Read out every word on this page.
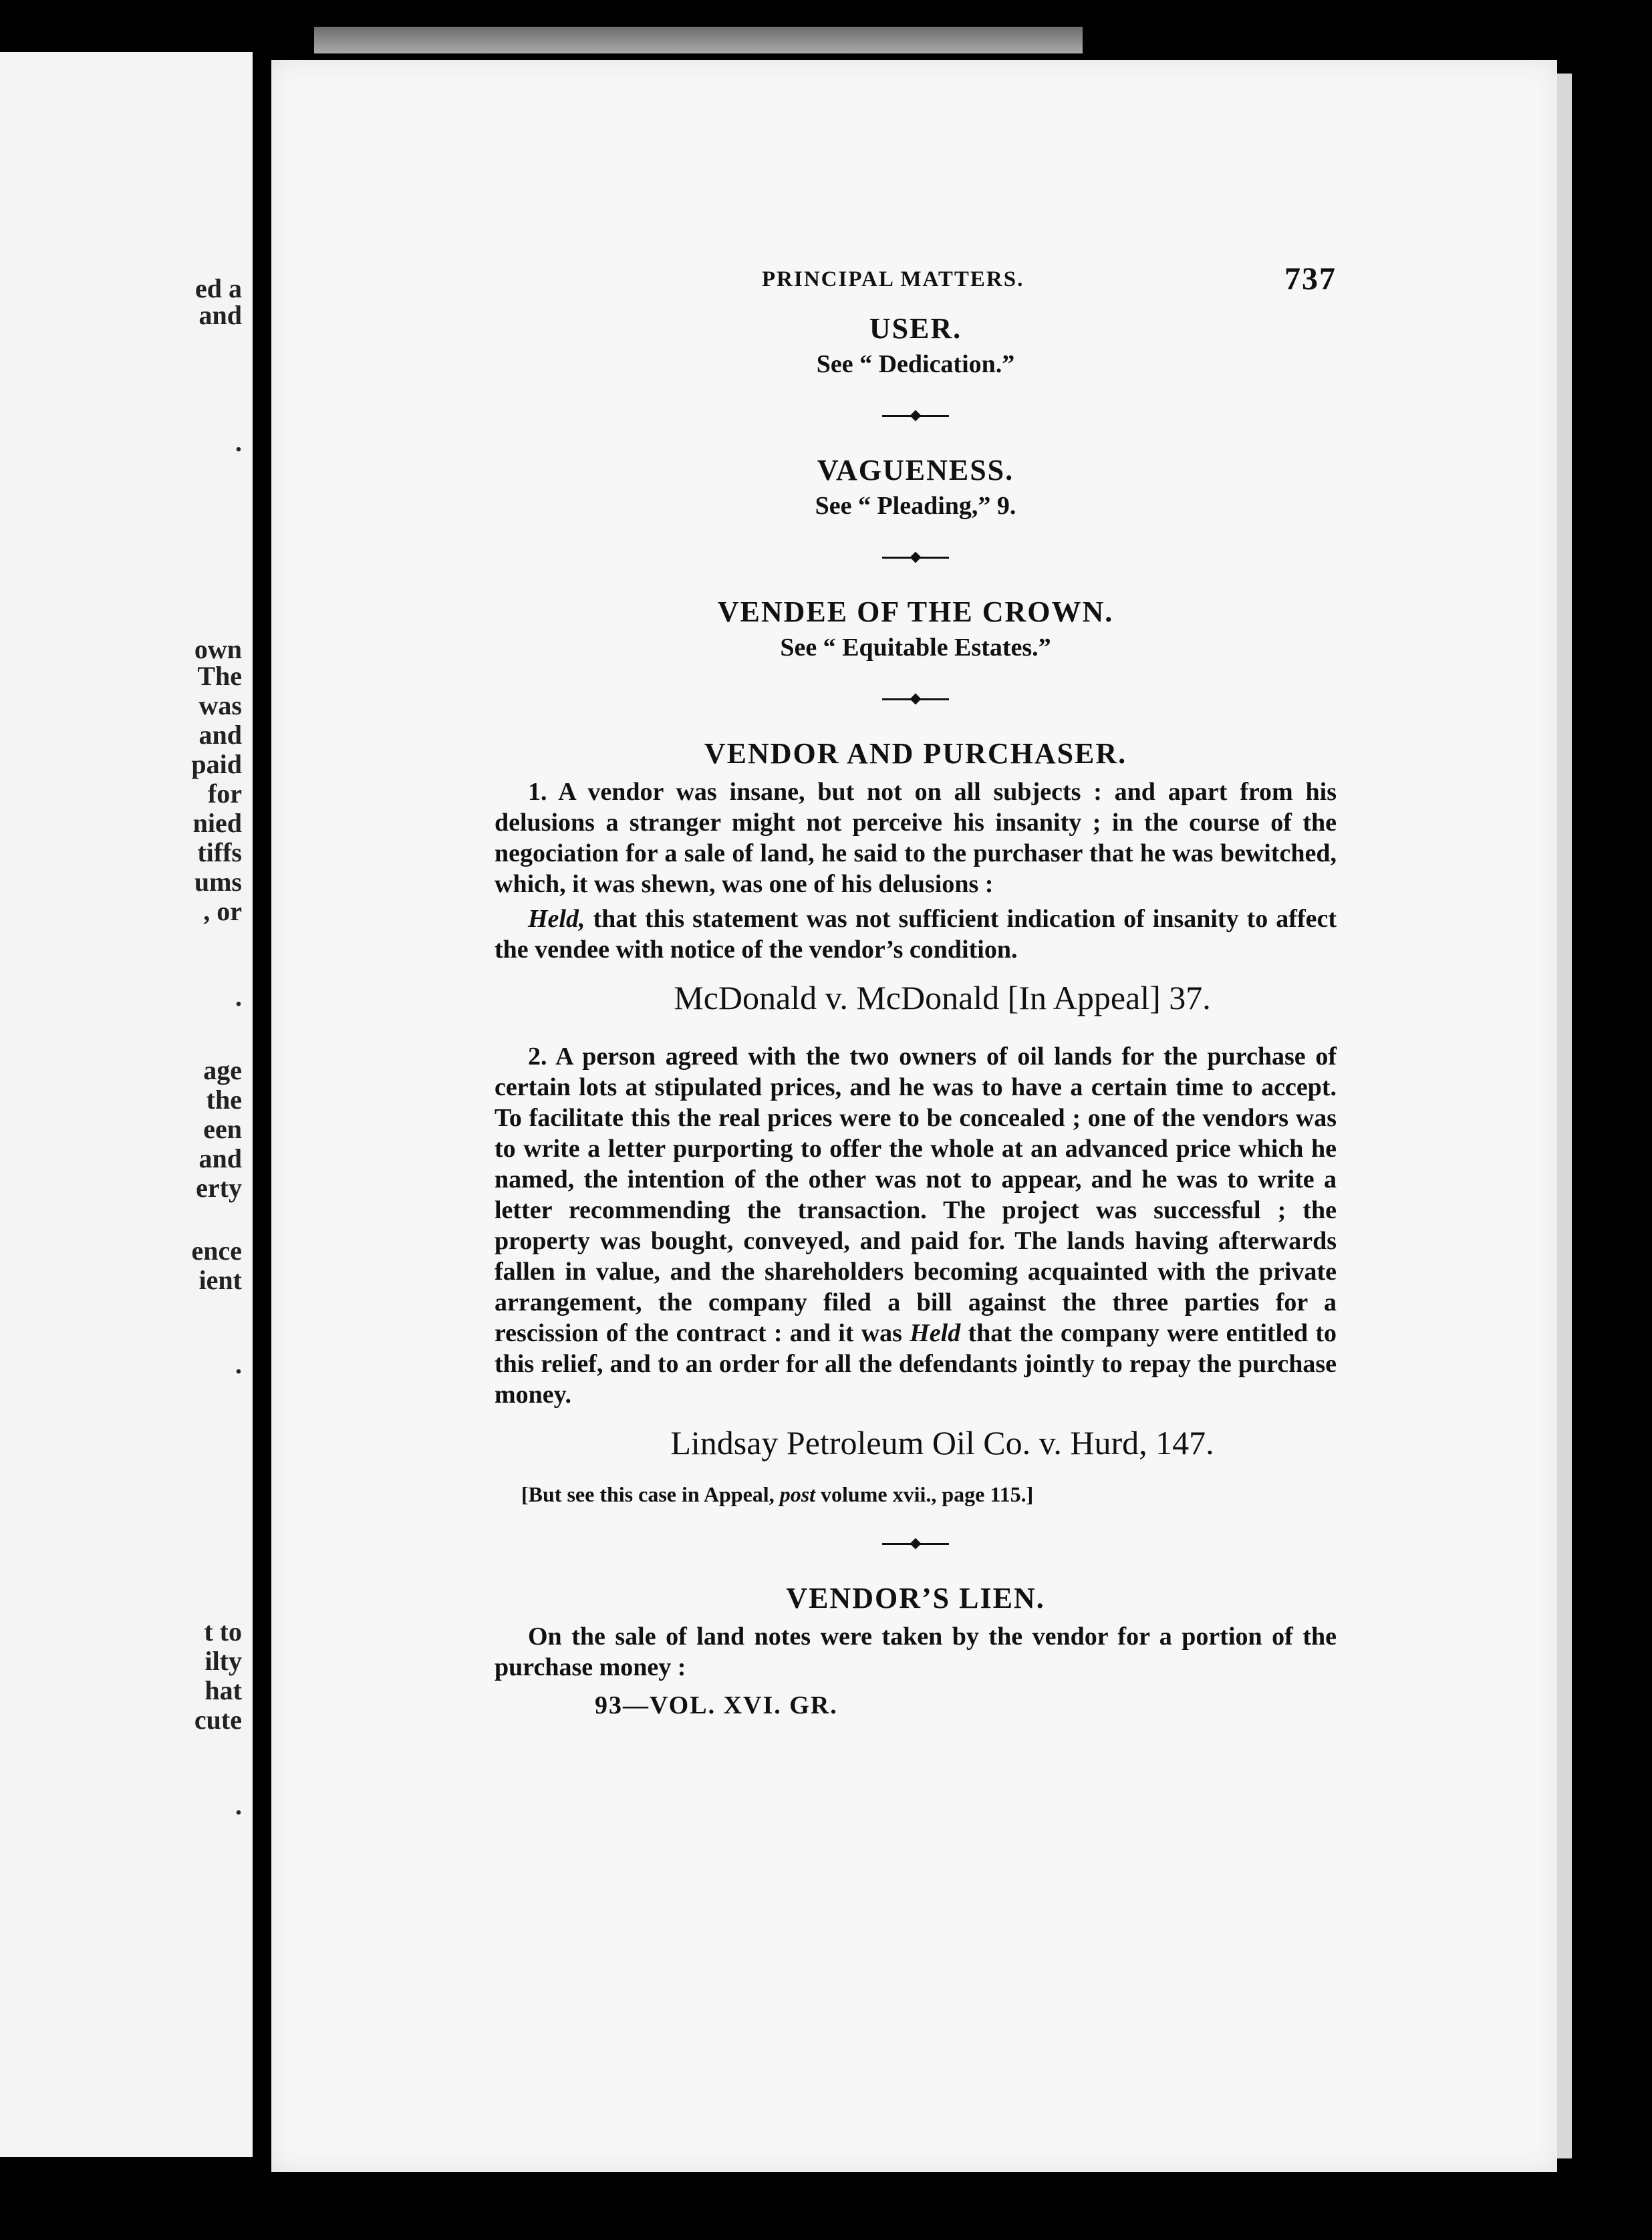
ed a
and
.
own
The
was
and
paid
for
nied
tiffs
ums
, or
.
age
the
een
and
erty
ence
ient
.
t to
ilty
hat
cute
.
PRINCIPAL MATTERS.	737
USER.
See “ Dedication.”
VAGUENESS.
See “ Pleading,” 9.
VENDEE OF THE CROWN.
See “ Equitable Estates.”
VENDOR AND PURCHASER.

1. A vendor was insane, but not on all subjects : and apart from his delusions a stranger might not perceive his insanity ; in the course of the negociation for a sale of land, he said to the purchaser that he was bewitched, which, it was shewn, was one of his delusions :

Held, that this statement was not sufficient indication of insanity to affect the vendee with notice of the vendor’s condition.

McDonald v. McDonald [In Appeal] 37.

2. A person agreed with the two owners of oil lands for the purchase of certain lots at stipulated prices, and he was to have a certain time to accept. To facilitate this the real prices were to be concealed ; one of the vendors was to write a letter purporting to offer the whole at an advanced price which he named, the intention of the other was not to appear, and he was to write a letter recommending the transaction. The project was successful ; the property was bought, conveyed, and paid for. The lands having afterwards fallen in value, and the shareholders becoming acquainted with the private arrangement, the company filed a bill against the three parties for a rescission of the contract : and it was Held that the company were entitled to this relief, and to an order for all the defendants jointly to repay the purchase money.

Lindsay Petroleum Oil Co. v. Hurd, 147.
[But see this case in Appeal, post volume xvii., page 115.]
VENDOR’S LIEN.

On the sale of land notes were taken by the vendor for a portion of the purchase money :

93—VOL. XVI. GR.
